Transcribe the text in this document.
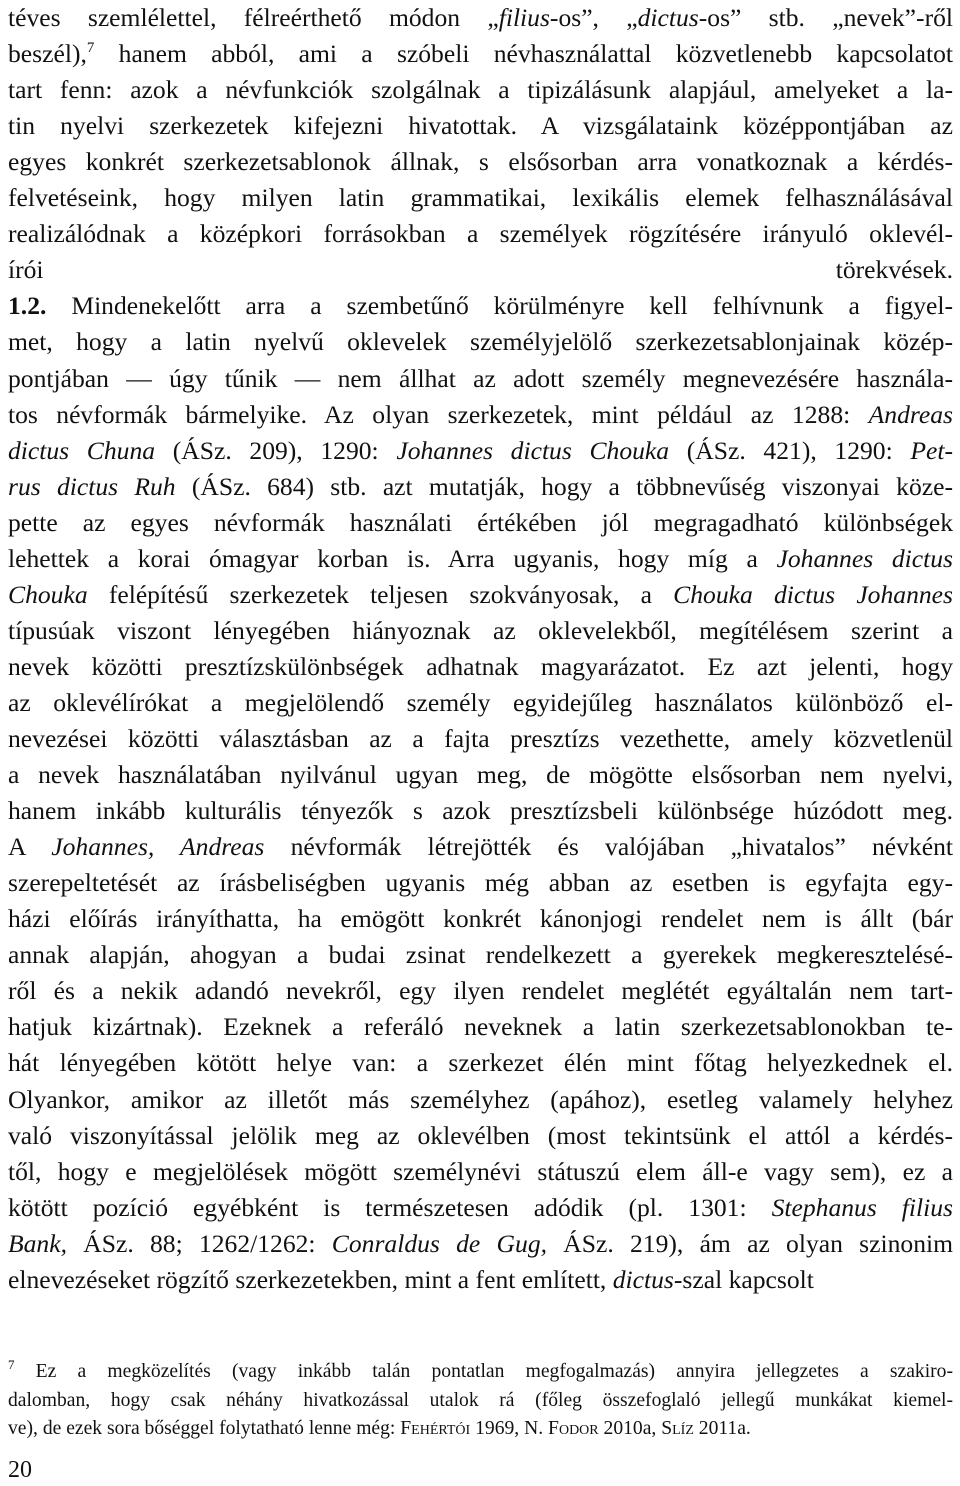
téves szemlélettel, félreérthető módon „filius-os”, „dictus-os” stb. „nevek”-ről
beszél),$^7$ hanem abból, ami a szóbeli névhasználattal közvetlenebb kapcsolatot
tart fenn: azok a névfunkciók szolgálnak a tipizálásunk alapjául, amelyeket a la-
tin nyelvi szerkezetek kifejezni hivatottak. A vizsgálataink középpontjában az
egyes konkrét szerkezetsablonok állnak, s elsősorban arra vonatkoznak a kérdés-
felvetéseink, hogy milyen latin grammatikai, lexikális elemek felhasználásával
realizálódnak a középkori forrásokban a személyek rögzítésére irányuló oklevél-
írói törekvések.
1.2. Mindenekelőtt arra a szembetűnő körülményre kell felhívnunk a figyel-
met, hogy a latin nyelvű oklevelek személyjelölő szerkezetsablonjainak közép-
pontjában — úgy tűnik — nem állhat az adott személy megnevezésére használa-
tos névformák bármelyike. Az olyan szerkezetek, mint például az 1288: Andreas
dictus Chuna (ÁSz. 209), 1290: Johannes dictus Chouka (ÁSz. 421), 1290: Pet-
rus dictus Ruh (ÁSz. 684) stb. azt mutatják, hogy a többnevűség viszonyai köze-
pette az egyes névformák használati értékében jól megragadható különbségek
lehettek a korai ómagyar korban is. Arra ugyanis, hogy míg a Johannes dictus
Chouka felépítésű szerkezetek teljesen szokványosak, a Chouka dictus Johannes
típusúak viszont lényegében hiányoznak az oklevelekből, megítélésem szerint a
nevek közötti presztízskülönbségek adhatnak magyarázatot. Ez azt jelenti, hogy
az oklevélírókat a megjelölendő személy egyidejűleg használatos különböző el-
nevezései közötti választásban az a fajta presztízs vezethette, amely közvetlenül
a nevek használatában nyilvánul ugyan meg, de mögötte elsősorban nem nyelvi,
hanem inkább kulturális tényezők s azok presztízsbeli különbsége húzódott meg.
A Johannes, Andreas névformák létrejötték és valójában „hivatalos” névként
szerepeltetését az írásbeliségben ugyanis még abban az esetben is egyfajta egy-
házi előírás irányíthatta, ha emögött konkrét kánonjogi rendelet nem is állt (bár
annak alapján, ahogyan a budai zsinat rendelkezett a gyerekek megkeresztelésé-
ről és a nekik adandó nevekről, egy ilyen rendelet meglétét egyáltalán nem tart-
hatjuk kizártnak). Ezeknek a referáló neveknek a latin szerkezetsablonokban te-
hát lényegében kötött helye van: a szerkezet élén mint főtag helyezkednek el.
Olyankor, amikor az illetőt más személyhez (apához), esetleg valamely helyhez
való viszonyítással jelölik meg az oklevélben (most tekintsünk el attól a kérdés-
től, hogy e megjelölések mögött személynévi státuszú elem áll-e vagy sem), ez a
kötött pozíció egyébként is természetesen adódik (pl. 1301: Stephanus filius
Bank, ÁSz. 88; 1262/1262: Conraldus de Gug, ÁSz. 219), ám az olyan szinonim
elnevezéseket rögzítő szerkezetekben, mint a fent említett, dictus-szal kapcsolt
$^7$ Ez a megközelítés (vagy inkább talán pontatlan megfogalmazás) annyira jellegzetes a szakiro-
dalomban, hogy csak néhány hivatkozással utalok rá (főleg összefoglaló jellegű munkákat kiemel-
ve), de ezek sora bőséggel folytatható lenne még: Fehértói 1969, N. Fodor 2010a, Slíz 2011a.
20
